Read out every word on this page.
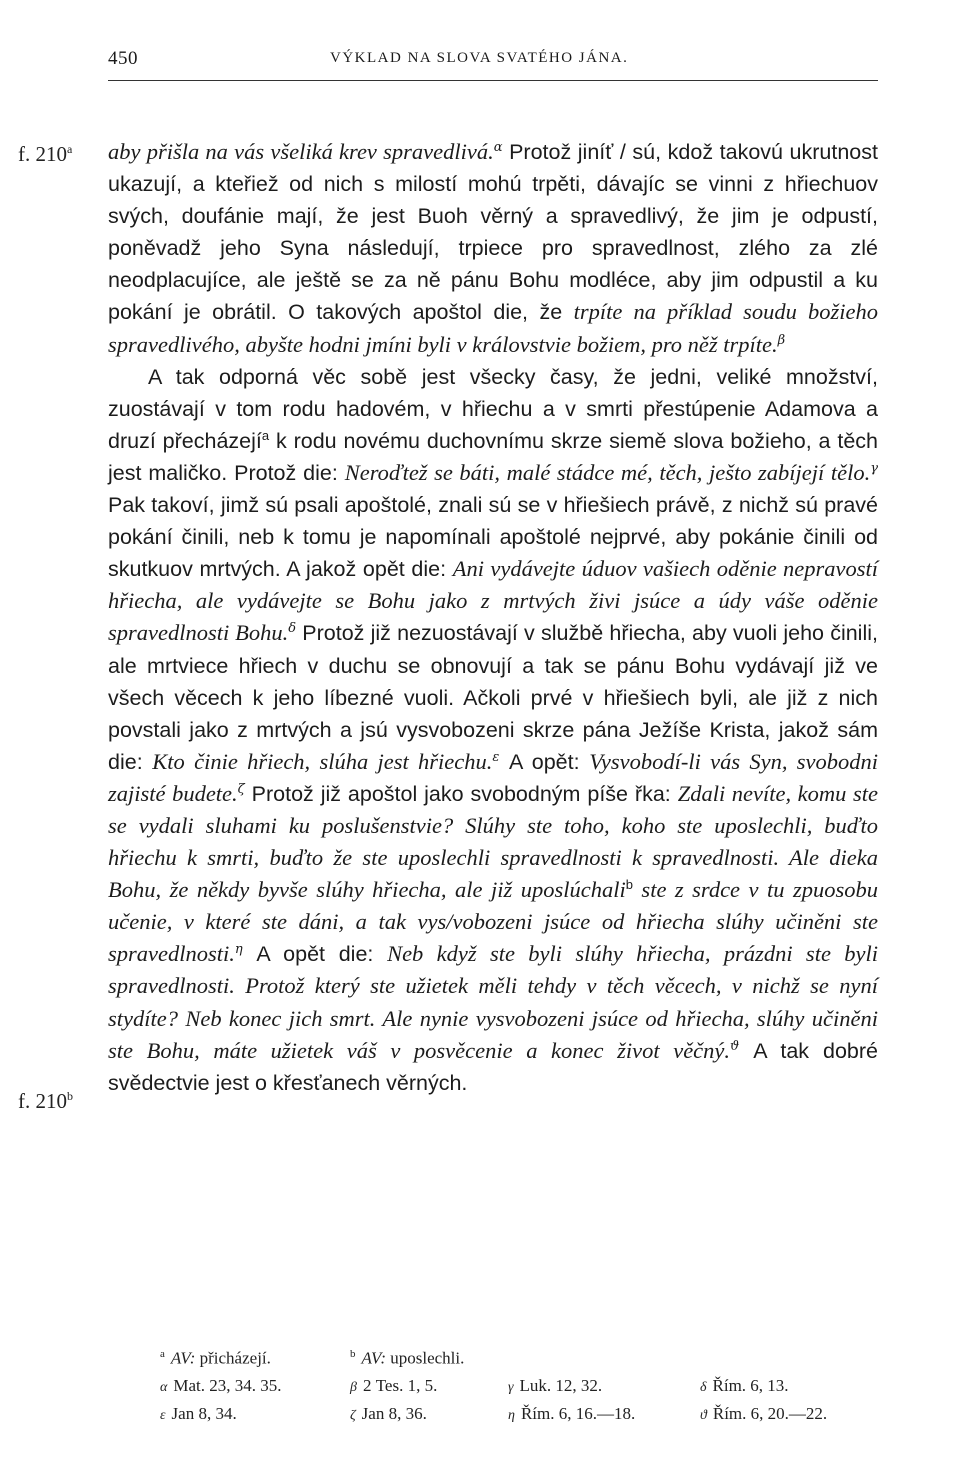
450	VÝKLAD NA SLOVA SVATÉHO JÁNA.
f. 210$^a$
f. 210$^b$

aby přišla na vás všeliká krev spravedlivá.$^\alpha$ Protož jiníť / sú, kdož takovú ukrutnost ukazují, a kteřiež od nich s milostí mohú trpěti, dávajíc se vinni z hřiechuov svých, doufánie mají, že jest Buoh věrný a spravedlivý, že jim je odpustí, poněvadž jeho Syna následují, trpiece pro spravedlnost, zlého za zlé neodplacujíce, ale ještě se za ně pánu Bohu modléce, aby jim odpustil a ku pokání je obrátil. O takových apoštol die, že trpíte na příklad soudu božieho spravedlivého, abyšte hodni jmíni byli v královstvie božiem, pro něž trpíte.$^\beta$

A tak odporná věc sobě jest všecky časy, že jedni, veliké množství, zuostávají v tom rodu hadovém, v hřiechu a v smrti přestúpenie Adamova a druzí přecházejí$^a$ k rodu novému duchovnímu skrze siemě slova božieho, a těch jest maličko. Protož die: Neroďtež se báti, malé stádce mé, těch, ješto zabíjejí tělo.$^\gamma$ Pak takoví, jimž sú psali apoštolé, znali sú se v hřiešiech právě, z nichž sú pravé pokání činili, neb k tomu je napomínali apoštolé nejprvé, aby pokánie činili od skutkuov mrtvých. A jakož opět die: Ani vydávejte úduov vašiech oděnie nepravostí hřiecha, ale vydávejte se Bohu jako z mrtvých živi jsúce a údy váše oděnie spravedlnosti Bohu.$^\delta$ Protož již nezuostávají v službě hřiecha, aby vuoli jeho činili, ale mrtviece hřiech v duchu se obnovují a tak se pánu Bohu vydávají již ve všech věcech k jeho líbezné vuoli. Ačkoli prvé v hřiešiech byli, ale již z nich povstali jako z mrtvých a jsú vysvobozeni skrze pána Ježíše Krista, jakož sám die: Kto činie hřiech, slúha jest hřiechu.$^\varepsilon$ A opět: Vysvobodí-li vás Syn, svobodni zajisté budete.$^\zeta$ Protož již apoštol jako svobodným píše řka: Zdali nevíte, komu ste se vydali sluhami ku poslušenstvie? Slúhy ste toho, koho ste uposlechli, buďto hřiechu k smrti, buďto že ste uposlechli spravedlnosti k spravedlnosti. Ale dieka Bohu, že někdy byvše slúhy hřiecha, ale již uposlúchali$^b$ ste z srdce v tu zpuosobu učenie, v které ste dáni, a tak vys/vobozeni jsúce od hřiecha slúhy učiněni ste spravedlnosti.$^\eta$ A opět die: Neb když ste byli slúhy hřiecha, prázdni ste byli spravedlnosti. Protož který ste užietek měli tehdy v těch věcech, v nichž se nyní stydíte? Neb konec jich smrt. Ale nynie vysvobozeni jsúce od hřiecha, slúhy učiněni ste Bohu, máte užietek váš v posvěcenie a konec život věčný.$^ϑ$ A tak dobré svědectvie jest o křesťanech věrných.

$^a$ AV: přicházejí.	$^b$ AV: uposlechli.
α Mat. 23, 34. 35.	β 2 Tes. 1, 5.	γ Luk. 12, 32.	δ Řím. 6, 13.
ε Jan 8, 34.	ζ Jan 8, 36.	η Řím. 6, 16.—18.	ϑ Řím. 6, 20.—22.
